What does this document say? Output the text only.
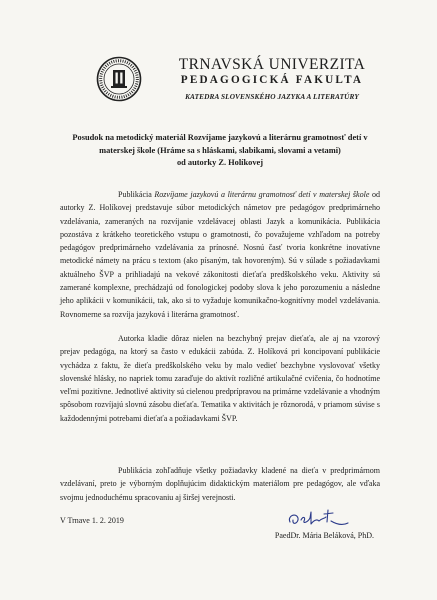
TRNAVSKÁ UNIVERZITA
PEDAGOGICKÁ FAKULTA
KATEDRA SLOVENSKÉHO JAZYKA A LITERATÚRY
Posudok na metodický materiál Rozvíjame jazykovú a literárnu gramotnosť detí v
materskej škole (Hráme sa s hláskami, slabikami, slovami a vetami)
od autorky Z. Holíkovej

Publikácia Rozvíjame jazykovú a literárnu gramotnosť detí v materskej škole od autorky Z. Holíkovej predstavuje súbor metodických námetov pre pedagógov predprimárneho vzdelávania, zameraných na rozvíjanie vzdelávacej oblasti Jazyk a komunikácia. Publikácia pozostáva z krátkeho teoretického vstupu o gramotnosti, čo považujeme vzhľadom na potreby pedagógov predprimárneho vzdelávania za prínosné. Nosnú časť tvoria konkrétne inovatívne metodické námety na prácu s textom (ako písaným, tak hovoreným). Sú v súlade s požiadavkami aktuálneho ŠVP a prihliadajú na vekové zákonitosti dieťaťa predškolského veku. Aktivity sú zamerané komplexne, prechádzajú od fonologickej podoby slova k jeho porozumeniu a následne jeho aplikácii v komunikácii, tak, ako si to vyžaduje komunikačno-kognitívny model vzdelávania. Rovnomerne sa rozvíja jazyková i literárna gramotnosť.

Autorka kladie dôraz nielen na bezchybný prejav dieťaťa, ale aj na vzorový prejav pedagóga, na ktorý sa často v edukácii zabúda. Z. Holíková pri koncipovaní publikácie vychádza z faktu, že dieťa predškolského veku by malo vedieť bezchybne vyslovovať všetky slovenské hlásky, no napriek tomu zaraďuje do aktivít rozličné artikulačné cvičenia, čo hodnotíme veľmi pozitívne. Jednotlivé aktivity sú cielenou predprípravou na primárne vzdelávanie a vhodným spôsobom rozvíjajú slovnú zásobu dieťaťa. Tematika v aktivitách je rôznorodá, v priamom súvise s každodennými potrebami dieťaťa a požiadavkami ŠVP.

Publikácia zohľadňuje všetky požiadavky kladené na dieťa v predprimárnom vzdelávaní, preto je výborným doplňujúcim didaktickým materiálom pre pedagógov, ale vďaka svojmu jednoduchému spracovaniu aj širšej verejnosti.

V Trnave 1. 2. 2019
PaedDr. Mária Beláková, PhD.
